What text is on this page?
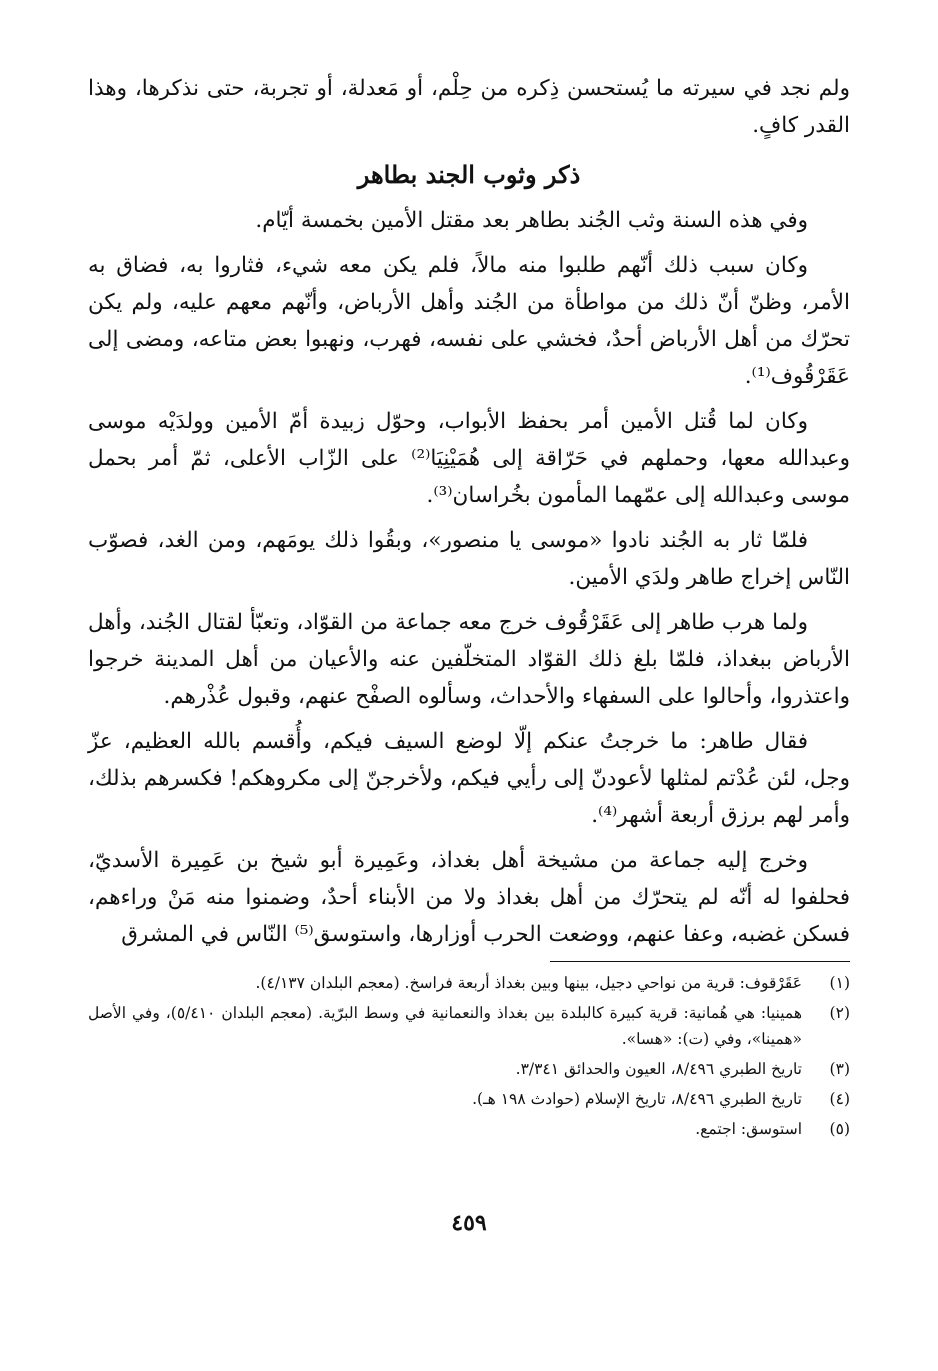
ولم نجد في سيرته ما يُستحسن ذِكره من حِلْم، أو مَعدلة، أو تجربة، حتى نذكرها، وهذا القدر كافٍ.

ذكر وثوب الجند بطاهر

وفي هذه السنة وثب الجُند بطاهر بعد مقتل الأمين بخمسة أيّام.

وكان سبب ذلك أنّهم طلبوا منه مالاً، فلم يكن معه شيء، فثاروا به، فضاق به الأمر، وظنّ أنّ ذلك من مواطأة من الجُند وأهل الأرباض، وأنّهم معهم عليه، ولم يكن تحرّك من أهل الأرباض أحدٌ، فخشي على نفسه، فهرب، ونهبوا بعض متاعه، ومضى إلى عَقَرْقُوف⁽¹⁾.

وكان لما قُتل الأمين أمر بحفظ الأبواب، وحوّل زبيدة أمّ الأمين وولدَيْه موسى وعبدالله معها، وحملهم في حَرّاقة إلى هُمَيْنِيَا⁽²⁾ على الزّاب الأعلى، ثمّ أمر بحمل موسى وعبدالله إلى عمّهما المأمون بخُراسان⁽³⁾.

فلمّا ثار به الجُند نادوا «موسى يا منصور»، وبقُوا ذلك يومَهم، ومن الغد، فصوّب النّاس إخراج طاهر ولدَي الأمين.

ولما هرب طاهر إلى عَقَرْقُوف خرج معه جماعة من القوّاد، وتعبّأ لقتال الجُند، وأهل الأرباض ببغداذ، فلمّا بلغ ذلك القوّاد المتخلّفين عنه والأعيان من أهل المدينة خرجوا واعتذروا، وأحالوا على السفهاء والأحداث، وسألوه الصفْح عنهم، وقبول عُذْرهم.

فقال طاهر: ما خرجتُ عنكم إلّا لوضع السيف فيكم، وأُقسم بالله العظيم، عزّ وجل، لئن عُدْتم لمثلها لأعودنّ إلى رأيي فيكم، ولأخرجنّ إلى مكروهكم! فكسرهم بذلك، وأمر لهم برزق أربعة أشهر⁽⁴⁾.

وخرج إليه جماعة من مشيخة أهل بغداذ، وعَمِيرة أبو شيخ بن عَمِيرة الأسديّ، فحلفوا له أنّه لم يتحرّك من أهل بغداذ ولا من الأبناء أحدٌ، وضمنوا منه مَنْ وراءهم، فسكن غضبه، وعفا عنهم، ووضعت الحرب أوزارها، واستوسق⁽⁵⁾ النّاس في المشرق

(١)
عَقَرْقوف: قرية من نواحي دجيل، بينها وبين بغداذ أربعة فراسخ. (معجم البلدان ٤/١٣٧).
(٢)
همينيا: هي هُمانية: قرية كبيرة كالبلدة بين بغداذ والنعمانية في وسط البرّية. (معجم البلدان ٥/٤١٠)، وفي الأصل «همينا»، وفي (ت): «هسا».
(٣)
تاريخ الطبري ٨/٤٩٦، العيون والحدائق ٣/٣٤١.
(٤)
تاريخ الطبري ٨/٤٩٦، تاريخ الإسلام (حوادث ١٩٨ هـ).
(٥)
استوسق: اجتمع.
٤٥٩
